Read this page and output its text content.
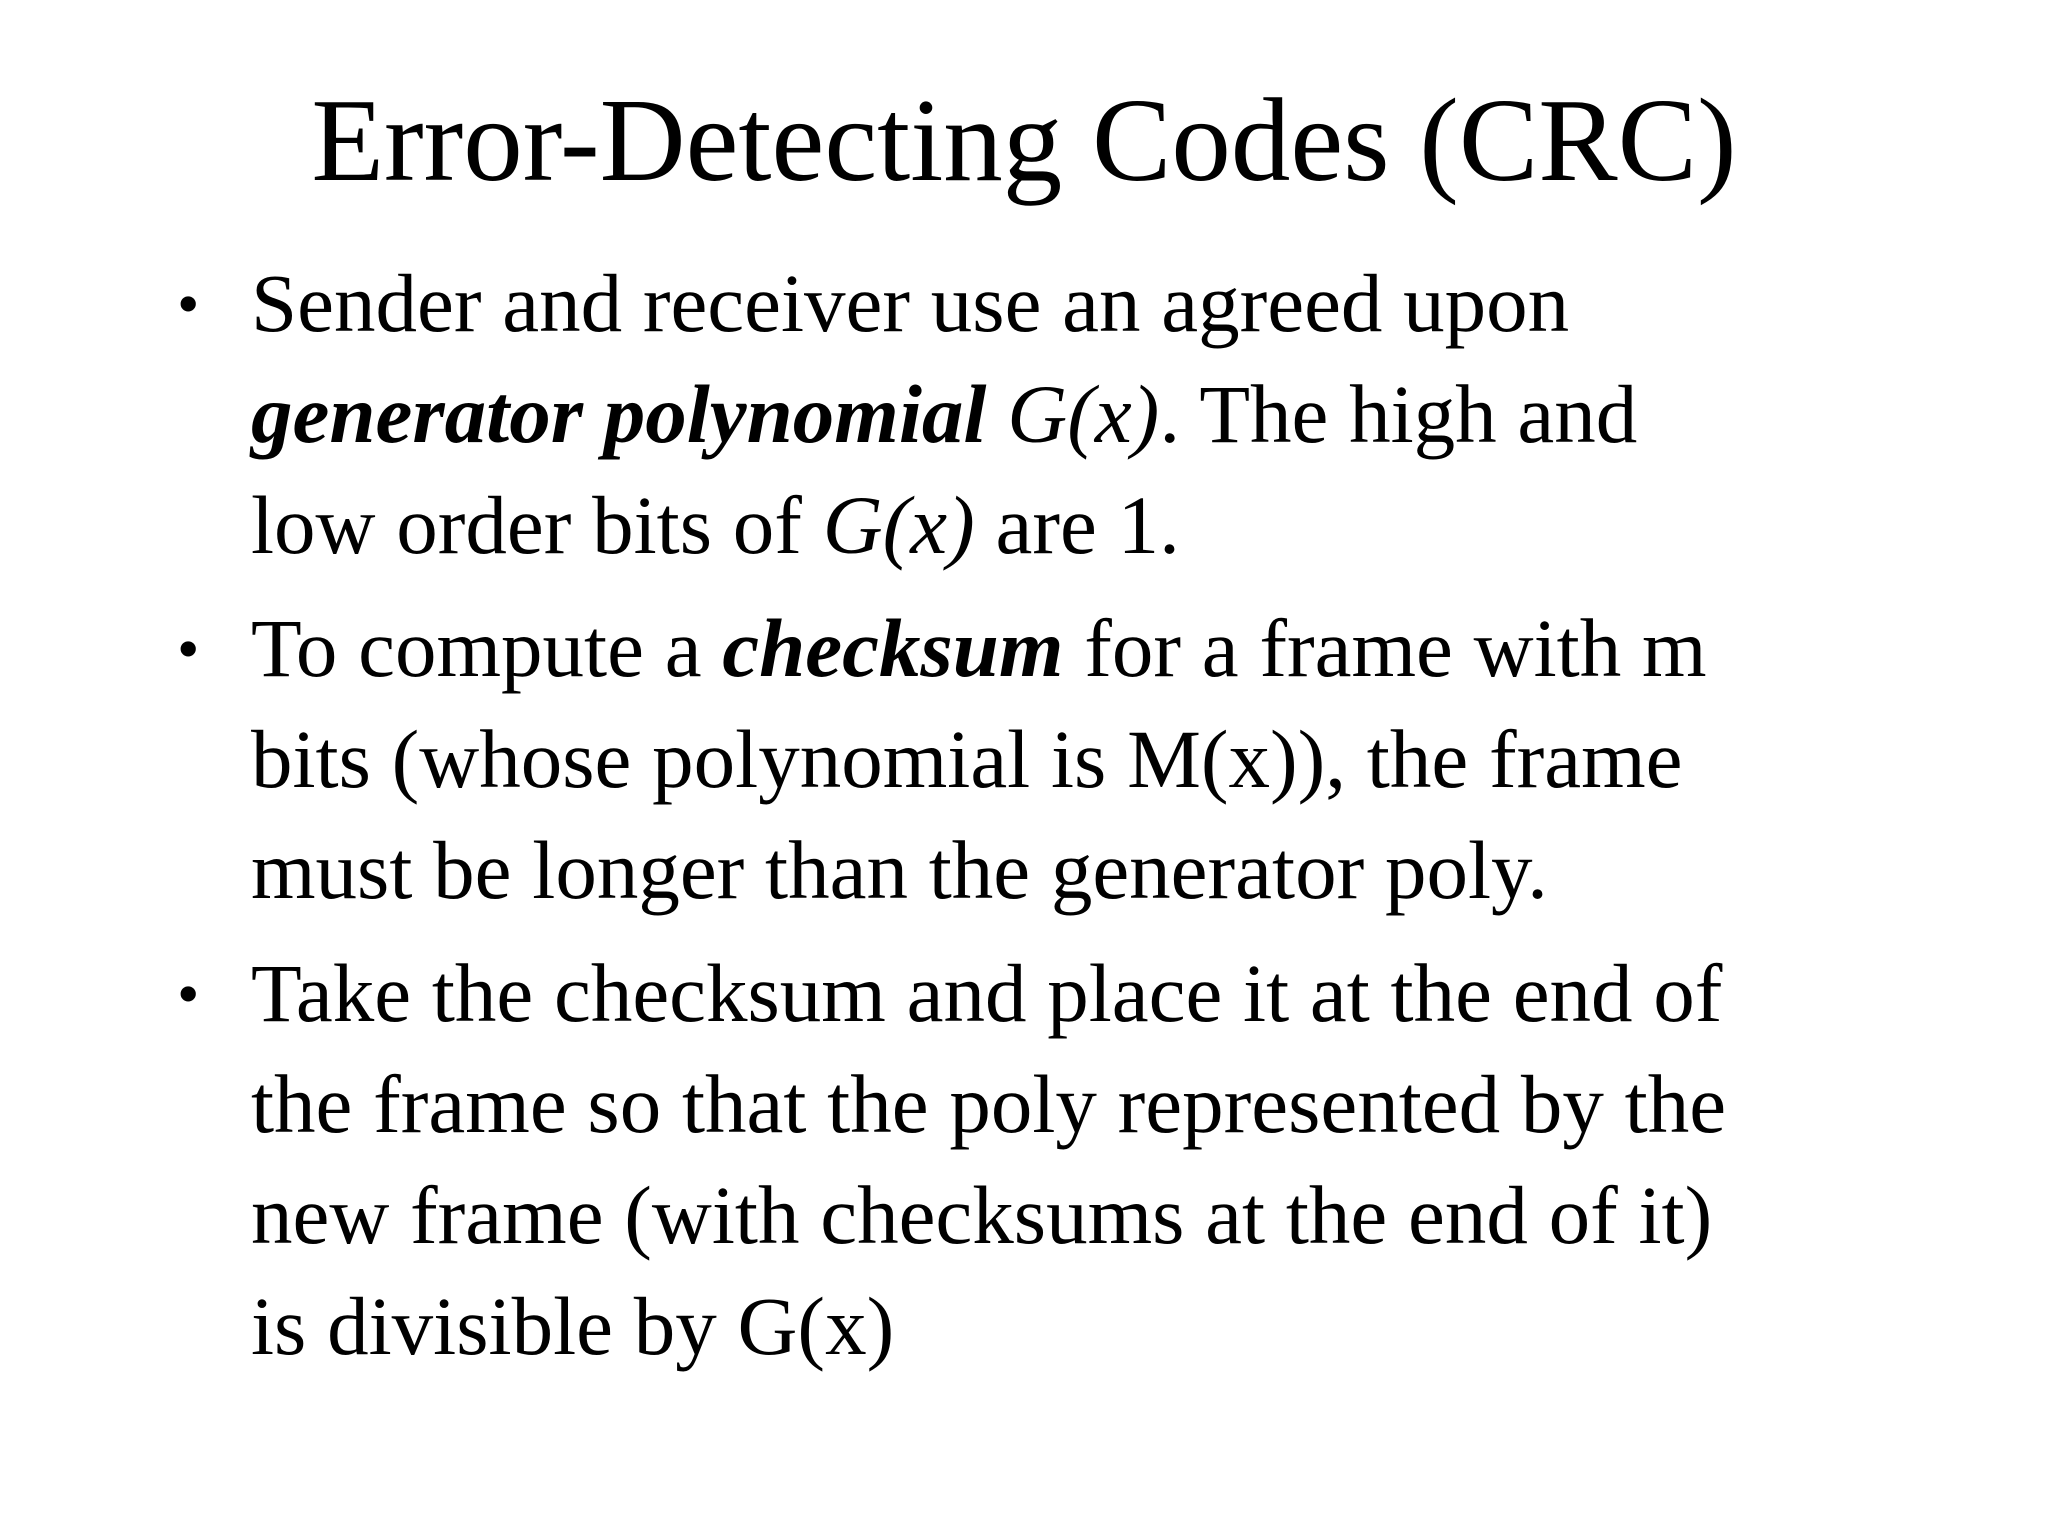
Error-Detecting Codes (CRC)
• Sender and receiver use an agreed upon
generator polynomial G(x). The high and
low order bits of G(x) are 1.
• To compute a checksum for a frame with m
bits (whose polynomial is M(x)), the frame
must be longer than the generator poly.
• Take the checksum and place it at the end of
the frame so that the poly represented by the
new frame (with checksums at the end of it)
is divisible by G(x)
